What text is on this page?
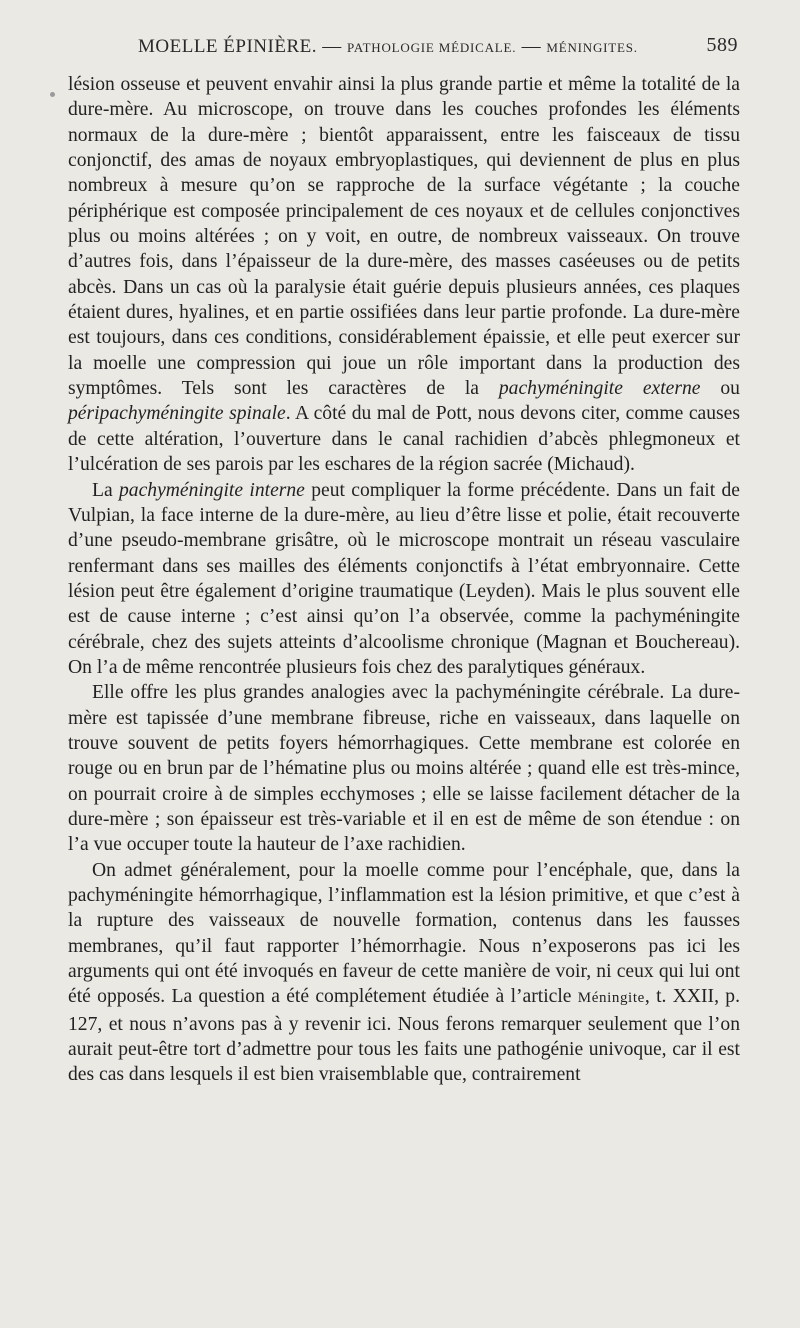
MOELLE ÉPINIÈRE. — PATHOLOGIE MÉDICALE. — MÉNINGITES.	589

lésion osseuse et peuvent envahir ainsi la plus grande partie et même la totalité de la dure-mère. Au microscope, on trouve dans les couches profondes les éléments normaux de la dure-mère ; bientôt apparaissent, entre les faisceaux de tissu conjonctif, des amas de noyaux embryoplastiques, qui deviennent de plus en plus nombreux à mesure qu’on se rapproche de la surface végétante ; la couche périphérique est composée principalement de ces noyaux et de cellules conjonctives plus ou moins altérées ; on y voit, en outre, de nombreux vaisseaux. On trouve d’autres fois, dans l’épaisseur de la dure-mère, des masses caséeuses ou de petits abcès. Dans un cas où la paralysie était guérie depuis plusieurs années, ces plaques étaient dures, hyalines, et en partie ossifiées dans leur partie profonde. La dure-mère est toujours, dans ces conditions, considérablement épaissie, et elle peut exercer sur la moelle une compression qui joue un rôle important dans la production des symptômes. Tels sont les caractères de la pachyméningite externe ou péripachyméningite spinale. A côté du mal de Pott, nous devons citer, comme causes de cette altération, l’ouverture dans le canal rachidien d’abcès phlegmoneux et l’ulcération de ses parois par les eschares de la région sacrée (Michaud).

La pachyméningite interne peut compliquer la forme précédente. Dans un fait de Vulpian, la face interne de la dure-mère, au lieu d’être lisse et polie, était recouverte d’une pseudo-membrane grisâtre, où le microscope montrait un réseau vasculaire renfermant dans ses mailles des éléments conjonctifs à l’état embryonnaire. Cette lésion peut être également d’origine traumatique (Leyden). Mais le plus souvent elle est de cause interne ; c’est ainsi qu’on l’a observée, comme la pachyméningite cérébrale, chez des sujets atteints d’alcoolisme chronique (Magnan et Bouchereau). On l’a de même rencontrée plusieurs fois chez des paralytiques généraux.

Elle offre les plus grandes analogies avec la pachyméningite cérébrale. La dure-mère est tapissée d’une membrane fibreuse, riche en vaisseaux, dans laquelle on trouve souvent de petits foyers hémorrhagiques. Cette membrane est colorée en rouge ou en brun par de l’hématine plus ou moins altérée ; quand elle est très-mince, on pourrait croire à de simples ecchymoses ; elle se laisse facilement détacher de la dure-mère ; son épaisseur est très-variable et il en est de même de son étendue : on l’a vue occuper toute la hauteur de l’axe rachidien.

On admet généralement, pour la moelle comme pour l’encéphale, que, dans la pachyméningite hémorrhagique, l’inflammation est la lésion primitive, et que c’est à la rupture des vaisseaux de nouvelle formation, contenus dans les fausses membranes, qu’il faut rapporter l’hémorrhagie. Nous n’exposerons pas ici les arguments qui ont été invoqués en faveur de cette manière de voir, ni ceux qui lui ont été opposés. La question a été complétement étudiée à l’article Méningite, t. XXII, p. 127, et nous n’avons pas à y revenir ici. Nous ferons remarquer seulement que l’on aurait peut-être tort d’admettre pour tous les faits une pathogénie univoque, car il est des cas dans lesquels il est bien vraisemblable que, contrairement
